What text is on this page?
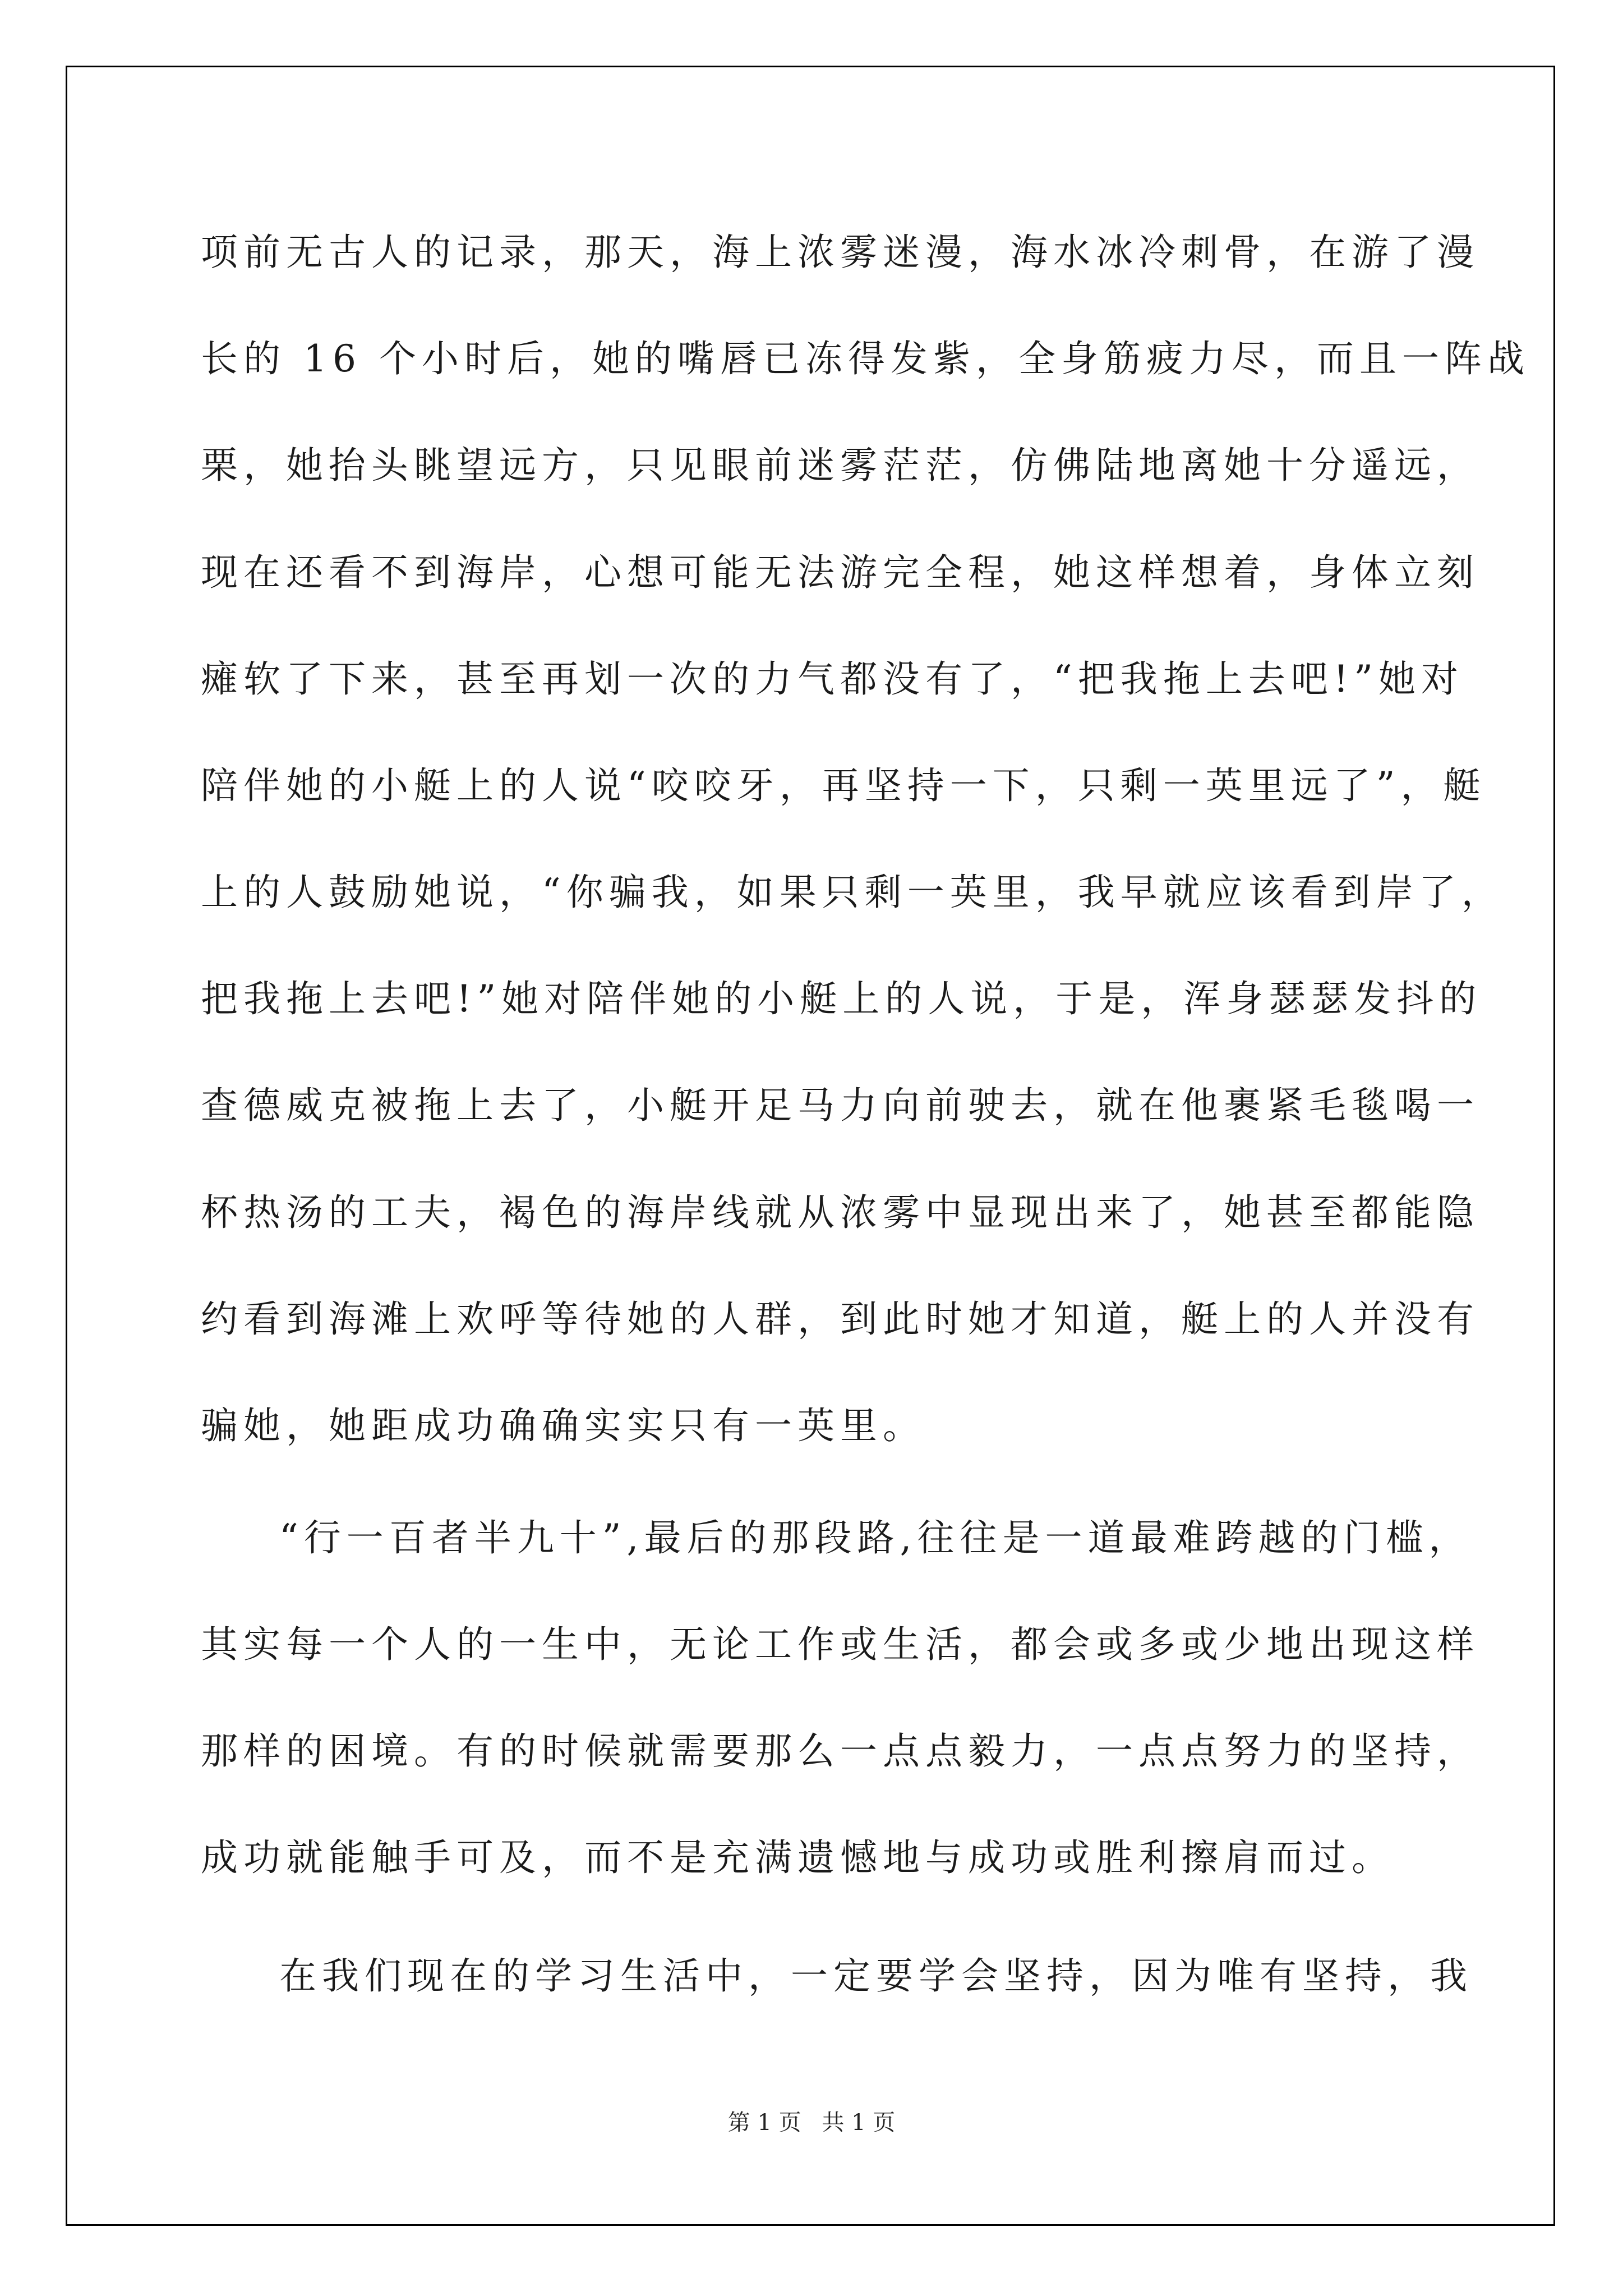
项前无古人的记录，那天，海上浓雾迷漫，海水冰冷刺骨，在游了漫
长的 16 个小时后，她的嘴唇已冻得发紫，全身筋疲力尽，而且一阵战
栗，她抬头眺望远方，只见眼前迷雾茫茫，仿佛陆地离她十分遥远，
现在还看不到海岸，心想可能无法游完全程，她这样想着，身体立刻
瘫软了下来，甚至再划一次的力气都没有了，“把我拖上去吧!”她对
陪伴她的小艇上的人说“咬咬牙，再坚持一下，只剩一英里远了”，艇
上的人鼓励她说，“你骗我，如果只剩一英里，我早就应该看到岸了，
把我拖上去吧!”她对陪伴她的小艇上的人说，于是，浑身瑟瑟发抖的
查德威克被拖上去了，小艇开足马力向前驶去，就在他裹紧毛毯喝一
杯热汤的工夫，褐色的海岸线就从浓雾中显现出来了，她甚至都能隐
约看到海滩上欢呼等待她的人群，到此时她才知道，艇上的人并没有
骗她，她距成功确确实实只有一英里。
“行一百者半九十”,最后的那段路,往往是一道最难跨越的门槛，
其实每一个人的一生中，无论工作或生活，都会或多或少地出现这样
那样的困境。有的时候就需要那么一点点毅力，一点点努力的坚持，
成功就能触手可及，而不是充满遗憾地与成功或胜利擦肩而过。
在我们现在的学习生活中，一定要学会坚持，因为唯有坚持，我
第 1 页 共 1 页
